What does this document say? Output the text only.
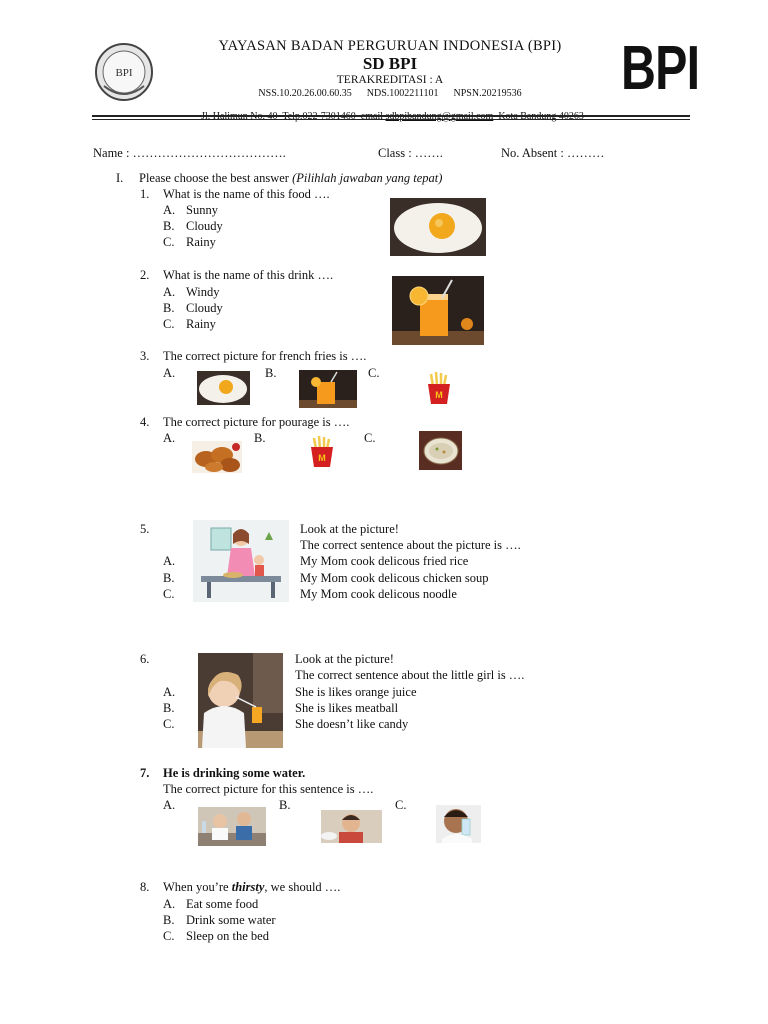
BPI
YAYASAN BADAN PERGURUAN INDONESIA (BPI)
SD BPI
TERAKREDITASI : A
NSS.10.20.26.00.60.35      NDS.1002211101      NPSN.20219536

	BPI
Name : ……………………………….	Class : …….	No. Absent : ………
I. Please choose the best answer (Pilihlah jawaban yang tepat)
1. What is the name of this food ….
A. Sunny
B. Cloudy
C. Rainy
2. What is the name of this drink ….
A. Windy
B. Cloudy
C. Rainy
3. The correct picture for french fries is ….
A.	B.	C.
M
4. The correct picture for pourage is ….
A.	B.
M
C.
5.	Look at the picture!
The correct sentence about the picture is ….
A.	My Mom cook delicous fried rice
B.	My Mom cook delicous chicken soup
C.	My Mom cook delicous noodle
6.	Look at the picture!
The correct sentence about the little girl is ….
A.	She is likes orange juice
B.	She is likes meatball
C.	She doesn’t like candy
7. He is drinking some water.
The correct picture for this sentence is ….
A.	B.	C.
8. When you’re thirsty, we should ….
A. Eat some food
B. Drink some water
C. Sleep on the bed
